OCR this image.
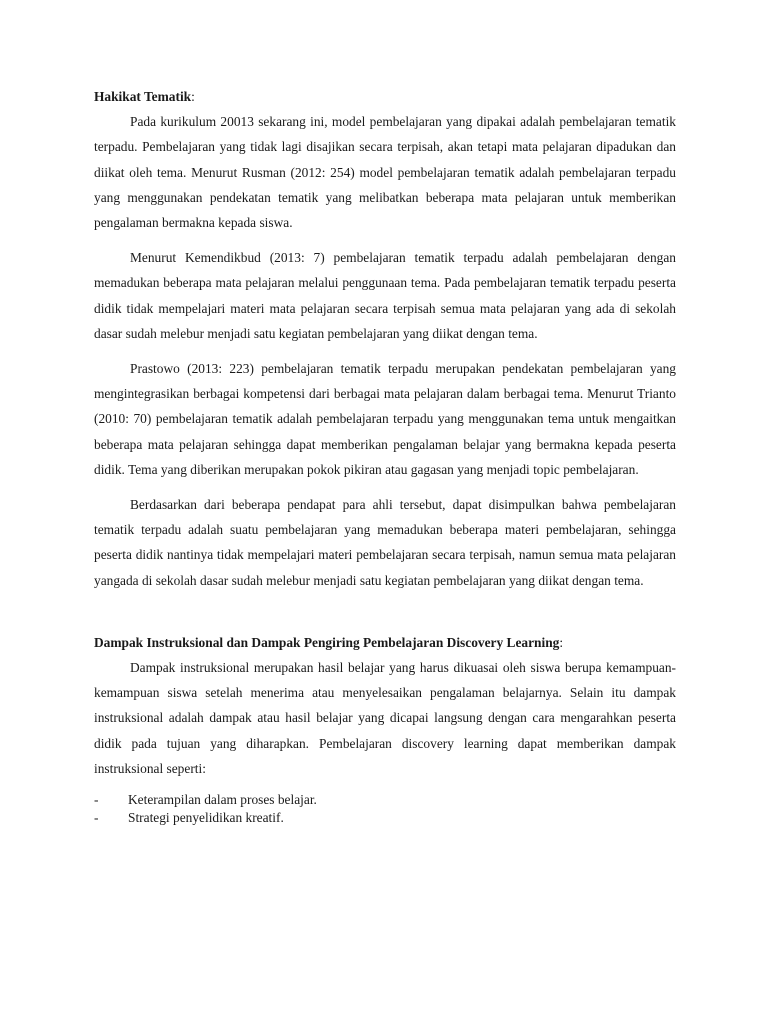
Hakikat Tematik:

Pada kurikulum 20013 sekarang ini, model pembelajaran yang dipakai adalah pembelajaran tematik terpadu. Pembelajaran yang tidak lagi disajikan secara terpisah, akan tetapi mata pelajaran dipadukan dan diikat oleh tema. Menurut Rusman (2012: 254) model pembelajaran tematik adalah pembelajaran terpadu yang menggunakan pendekatan tematik yang melibatkan beberapa mata pelajaran untuk memberikan pengalaman bermakna kepada siswa.

Menurut Kemendikbud (2013: 7) pembelajaran tematik terpadu adalah pembelajaran dengan memadukan beberapa mata pelajaran melalui penggunaan tema. Pada pembelajaran tematik terpadu peserta didik tidak mempelajari materi mata pelajaran secara terpisah semua mata pelajaran yang ada di sekolah dasar sudah melebur menjadi satu kegiatan pembelajaran yang diikat dengan tema.

Prastowo (2013: 223) pembelajaran tematik terpadu merupakan pendekatan pembelajaran yang mengintegrasikan berbagai kompetensi dari berbagai mata pelajaran dalam berbagai tema. Menurut Trianto (2010: 70) pembelajaran tematik adalah pembelajaran terpadu yang menggunakan tema untuk mengaitkan beberapa mata pelajaran sehingga dapat memberikan pengalaman belajar yang bermakna kepada peserta didik. Tema yang diberikan merupakan pokok pikiran atau gagasan yang menjadi topic pembelajaran.

Berdasarkan dari beberapa pendapat para ahli tersebut, dapat disimpulkan bahwa pembelajaran tematik terpadu adalah suatu pembelajaran yang memadukan beberapa materi pembelajaran, sehingga peserta didik nantinya tidak mempelajari materi pembelajaran secara terpisah, namun semua mata pelajaran yangada di sekolah dasar sudah melebur menjadi satu kegiatan pembelajaran yang diikat dengan tema.

Dampak Instruksional dan Dampak Pengiring Pembelajaran Discovery Learning:

Dampak instruksional merupakan hasil belajar yang harus dikuasai oleh siswa berupa kemampuan-kemampuan siswa setelah menerima atau menyelesaikan pengalaman belajarnya. Selain itu dampak instruksional adalah dampak atau hasil belajar yang dicapai langsung dengan cara mengarahkan peserta didik pada tujuan yang diharapkan. Pembelajaran discovery learning dapat memberikan dampak instruksional seperti:

- Keterampilan dalam proses belajar.
- Strategi penyelidikan kreatif.
